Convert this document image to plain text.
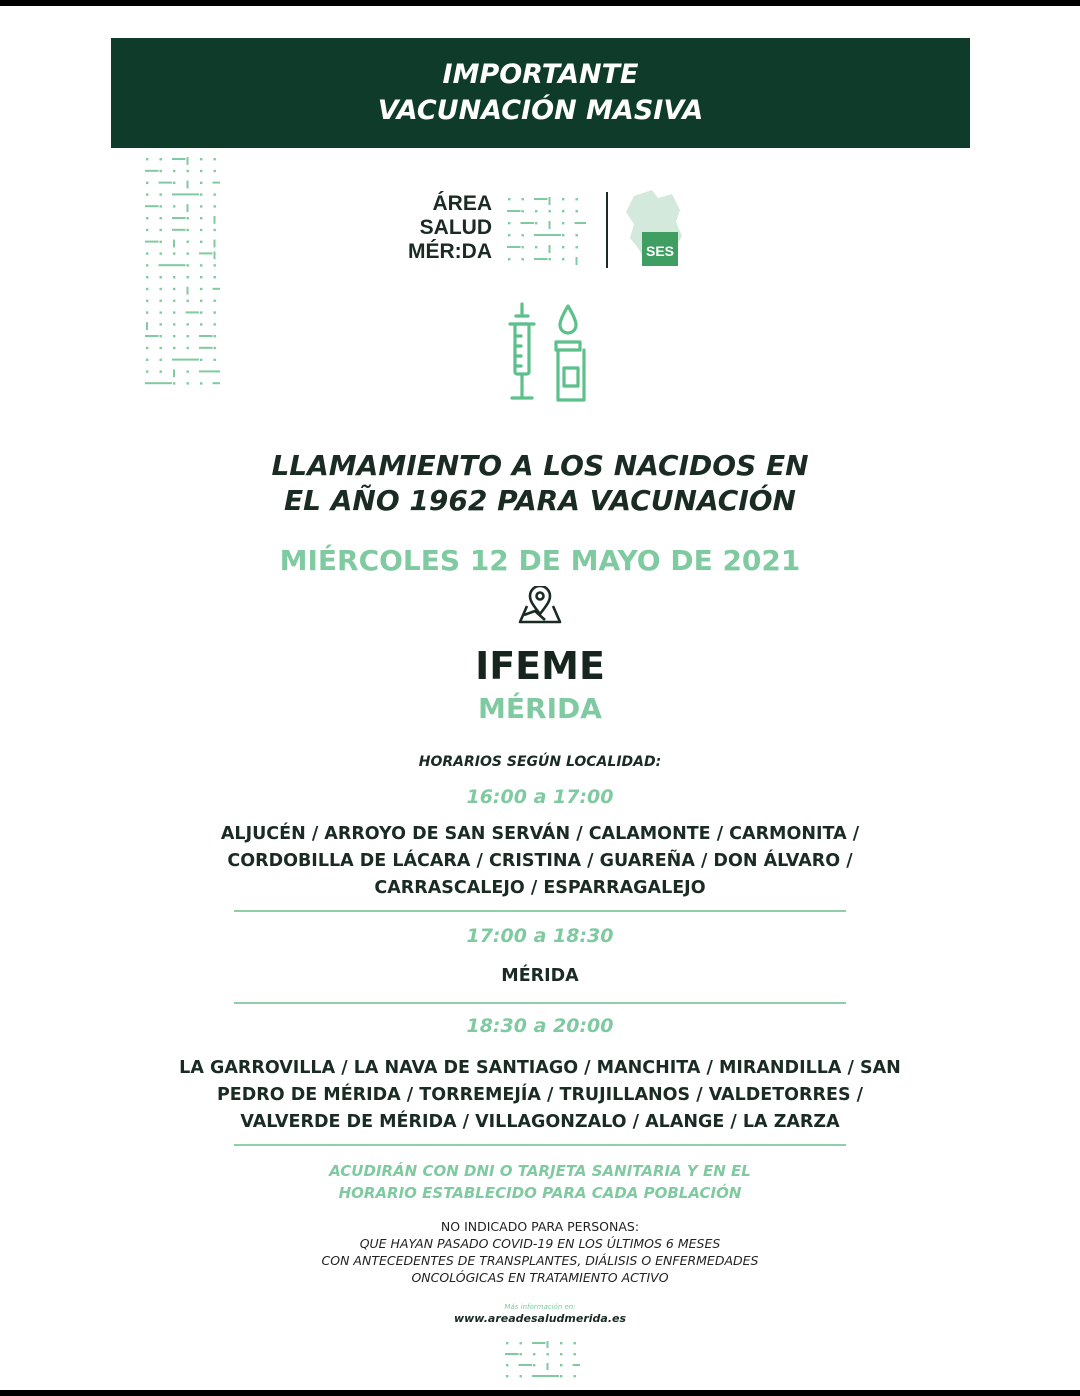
IMPORTANTE
VACUNACIÓN MASIVA
ÁREA
SALUD
MÉR:DA	SES
LLAMAMIENTO A LOS NACIDOS EN
EL AÑO 1962 PARA VACUNACIÓN
MIÉRCOLES 12 DE MAYO DE 2021
IFEME
MÉRIDA
HORARIOS SEGÚN LOCALIDAD:
16:00 a 17:00
ALJUCÉN / ARROYO DE SAN SERVÁN / CALAMONTE / CARMONITA /
CORDOBILLA DE LÁCARA / CRISTINA / GUAREÑA / DON ÁLVARO /
CARRASCALEJO / ESPARRAGALEJO
17:00 a 18:30
MÉRIDA
18:30 a 20:00
LA GARROVILLA / LA NAVA DE SANTIAGO / MANCHITA / MIRANDILLA / SAN
PEDRO DE MÉRIDA / TORREMEJÍA / TRUJILLANOS / VALDETORRES /
VALVERDE DE MÉRIDA / VILLAGONZALO / ALANGE / LA ZARZA
ACUDIRÁN CON DNI O TARJETA SANITARIA Y EN EL
HORARIO ESTABLECIDO PARA CADA POBLACIÓN
NO INDICADO PARA PERSONAS:
QUE HAYAN PASADO COVID-19 EN LOS ÚLTIMOS 6 MESES
CON ANTECEDENTES DE TRANSPLANTES, DIÁLISIS O ENFERMEDADES
ONCOLÓGICAS EN TRATAMIENTO ACTIVO
Más información en:
www.areadesaludmerida.es
